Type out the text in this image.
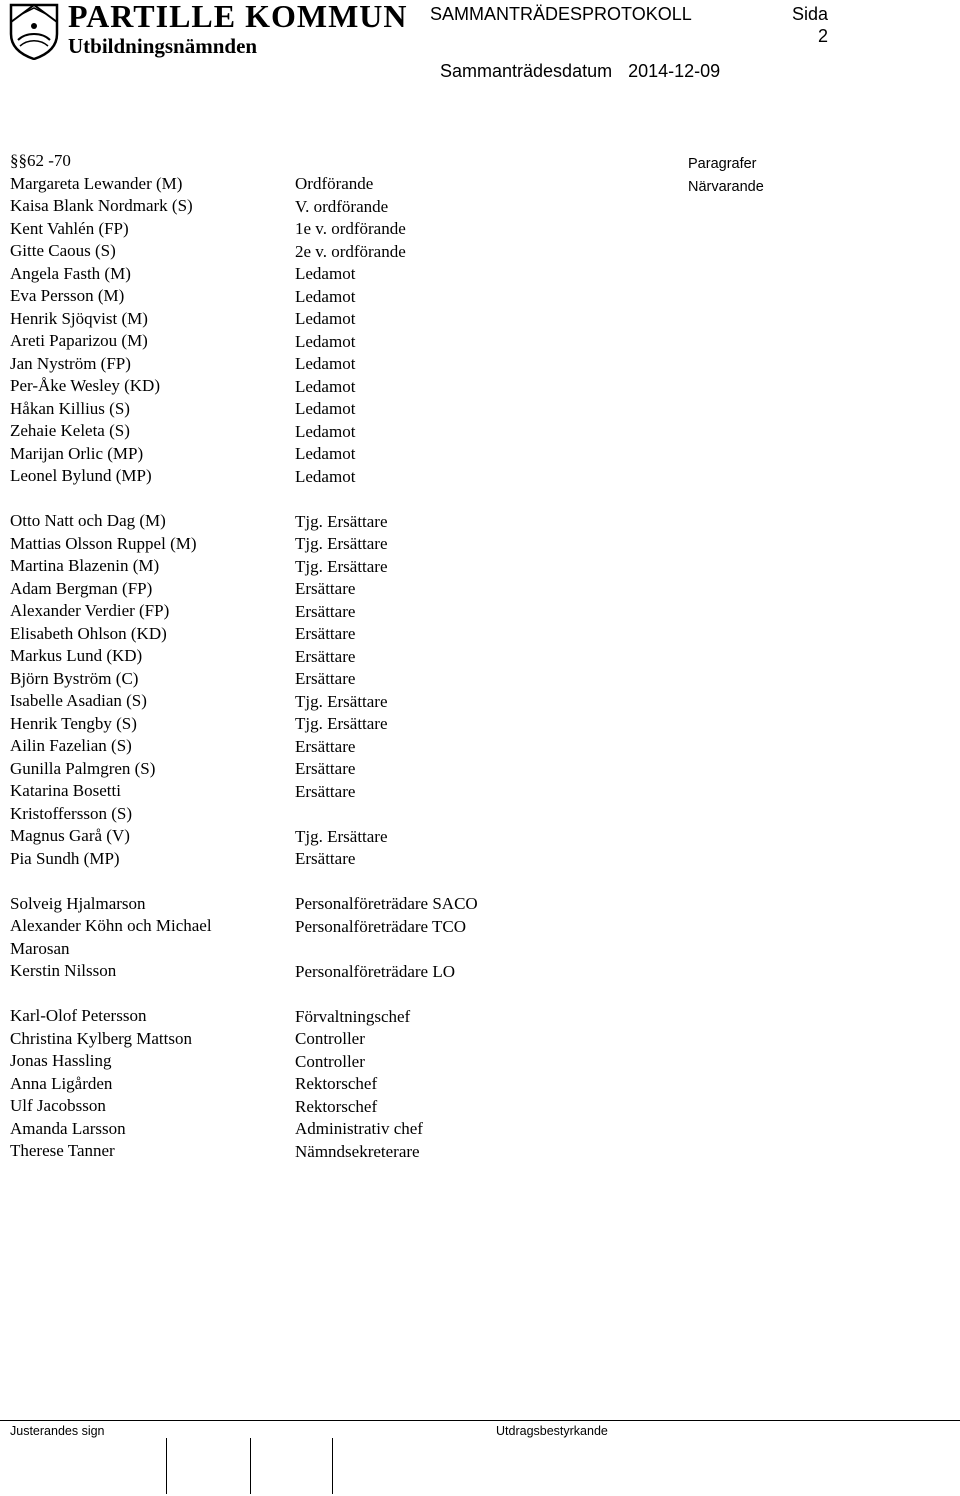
PARTILLE KOMMUN
Utbildningsnämnden
SAMMANTRÄDESPROTOKOLL	Sida
2
Sammanträdesdatum 2014-12-09
§§62 -70
Margareta Lewander (M)
Kaisa Blank Nordmark (S)
Kent Vahlén (FP)
Gitte Caous (S)
Angela Fasth (M)
Eva Persson (M)
Henrik Sjöqvist (M)
Areti Paparizou (M)
Jan Nyström (FP)
Per-Åke Wesley (KD)
Håkan Killius (S)
Zehaie Keleta (S)
Marijan Orlic (MP)
Leonel Bylund (MP)
Otto Natt och Dag (M)
Mattias Olsson Ruppel (M)
Martina Blazenin (M)
Adam Bergman (FP)
Alexander Verdier (FP)
Elisabeth Ohlson (KD)
Markus Lund (KD)
Björn Byström (C)
Isabelle Asadian (S)
Henrik Tengby (S)
Ailin Fazelian (S)
Gunilla Palmgren (S)
Katarina Bosetti
Kristoffersson (S)
Magnus Garå (V)
Pia Sundh (MP)
Solveig Hjalmarson
Alexander Köhn och Michael
Marosan
Kerstin Nilsson
Karl-Olof Petersson
Christina Kylberg Mattson
Jonas Hassling
Anna Ligården
Ulf Jacobsson
Amanda Larsson
Therese Tanner
Ordförande
V. ordförande
1e v. ordförande
2e v. ordförande
Ledamot
Ledamot
Ledamot
Ledamot
Ledamot
Ledamot
Ledamot
Ledamot
Ledamot
Ledamot
Tjg. Ersättare
Tjg. Ersättare
Tjg. Ersättare
Ersättare
Ersättare
Ersättare
Ersättare
Ersättare
Tjg. Ersättare
Tjg. Ersättare
Ersättare
Ersättare
Ersättare
Tjg. Ersättare
Ersättare
Personalföreträdare SACO
Personalföreträdare TCO
Personalföreträdare LO
Förvaltningschef
Controller
Controller
Rektorschef
Rektorschef
Administrativ chef
Nämndsekreterare
Paragrafer
Närvarande
Justerandes sign	Utdragsbestyrkande
